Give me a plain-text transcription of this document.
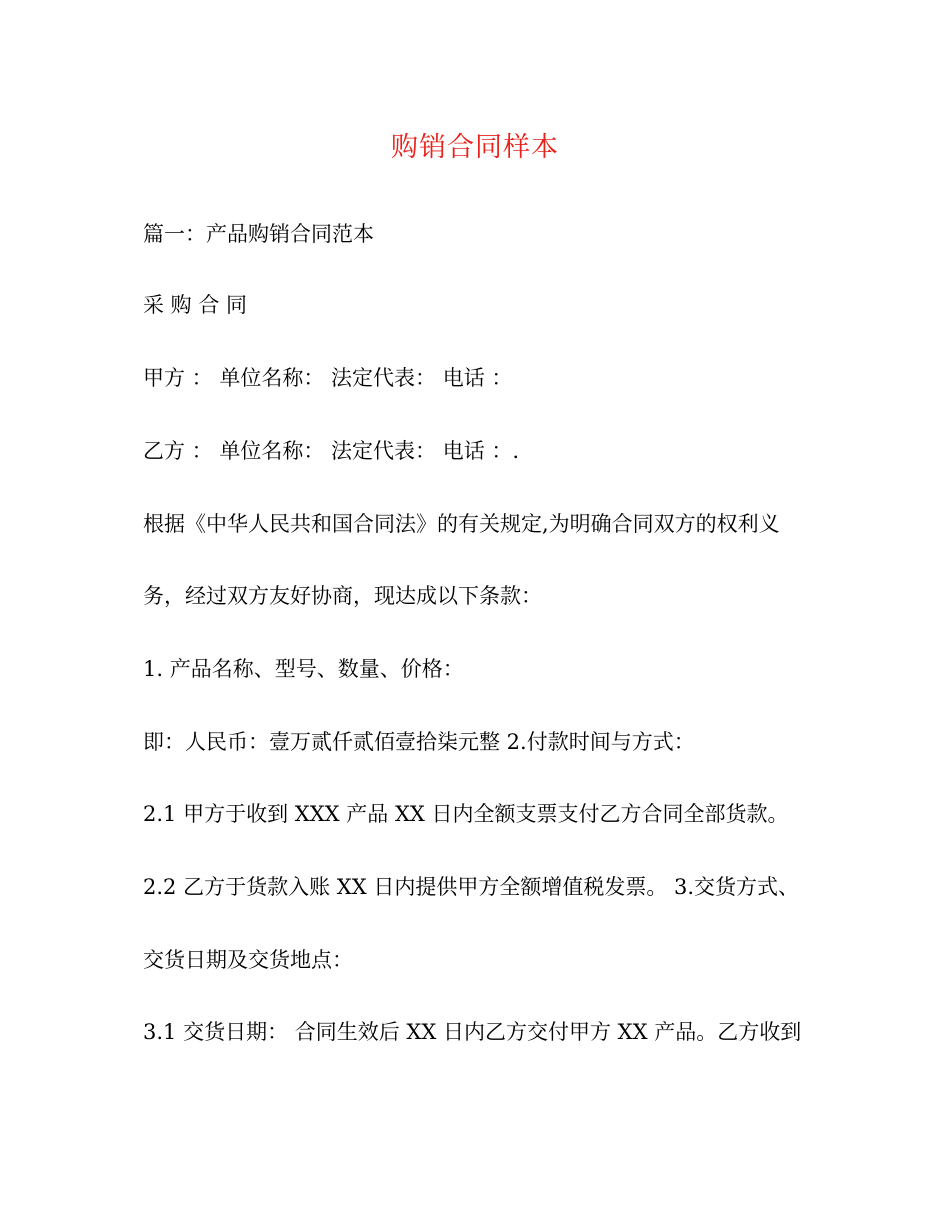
购销合同样本
篇一：产品购销合同范本
采 购 合 同
甲方 ： 单位名称： 法定代表： 电话 ：
乙方 ： 单位名称： 法定代表： 电话 ：.
根据《中华人民共和国合同法》的有关规定,为明确合同双方的权利义
务，经过双方友好协商，现达成以下条款：
1. 产品名称、型号、数量、价格：
即：人民币：壹万贰仟贰佰壹拾柒元整 2.付款时间与方式：
2.1 甲方于收到 XXX 产品 XX 日内全额支票支付乙方合同全部货款。
2.2 乙方于货款入账 XX 日内提供甲方全额增值税发票。 3.交货方式、
交货日期及交货地点：
3.1 交货日期： 合同生效后 XX 日内乙方交付甲方 XX 产品。乙方收到
